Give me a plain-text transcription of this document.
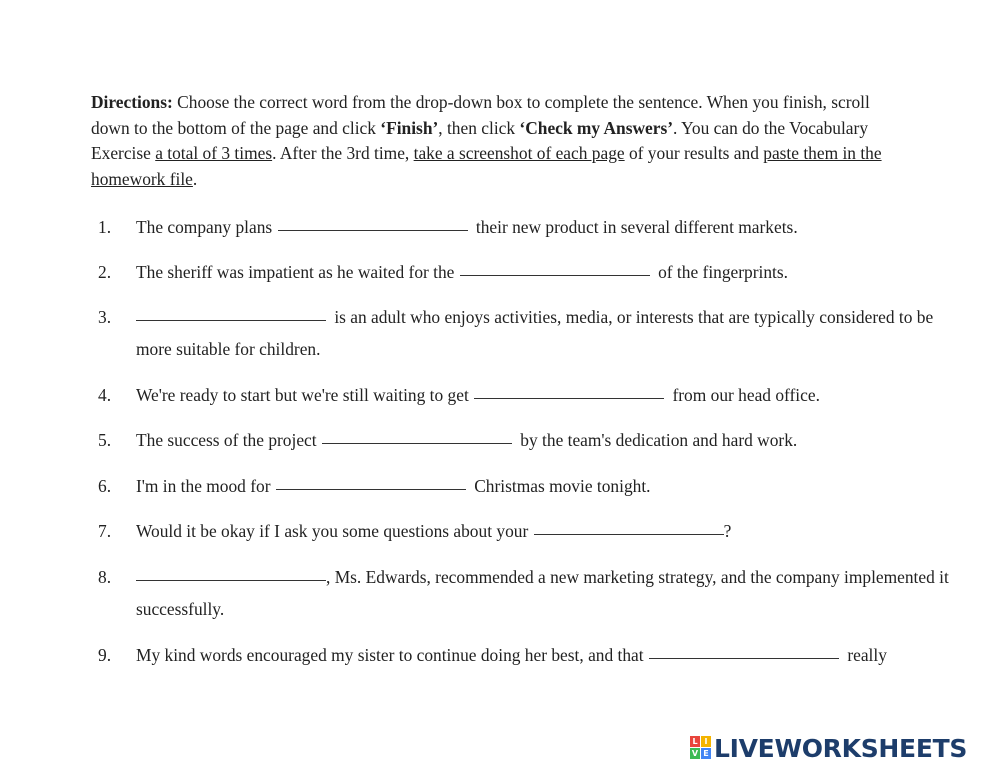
Directions: Choose the correct word from the drop-down box to complete the sentence. When you finish, scroll down to the bottom of the page and click ‘Finish’, then click ‘Check my Answers’. You can do the Vocabulary Exercise a total of 3 times. After the 3rd time, take a screenshot of each page of your results and paste them in the homework file.
1.	The company plans	their new product in several different markets.
2.	The sheriff was impatient as he waited for the	of the fingerprints.
3.	is an adult who enjoys activities, media, or interests that are typically considered to be more suitable for children.
4.	We're ready to start but we're still waiting to get	from our head office.
5.	The success of the project	by the team's dedication and hard work.
6.	I'm in the mood for	Christmas movie tonight.
7.	Would it be okay if I ask you some questions about your	?
8.	, Ms. Edwards, recommended a new marketing strategy, and the company implemented it successfully.
9.	My kind words encouraged my sister to continue doing her best, and that	really
L I
V E LIVEWORKSHEETS
